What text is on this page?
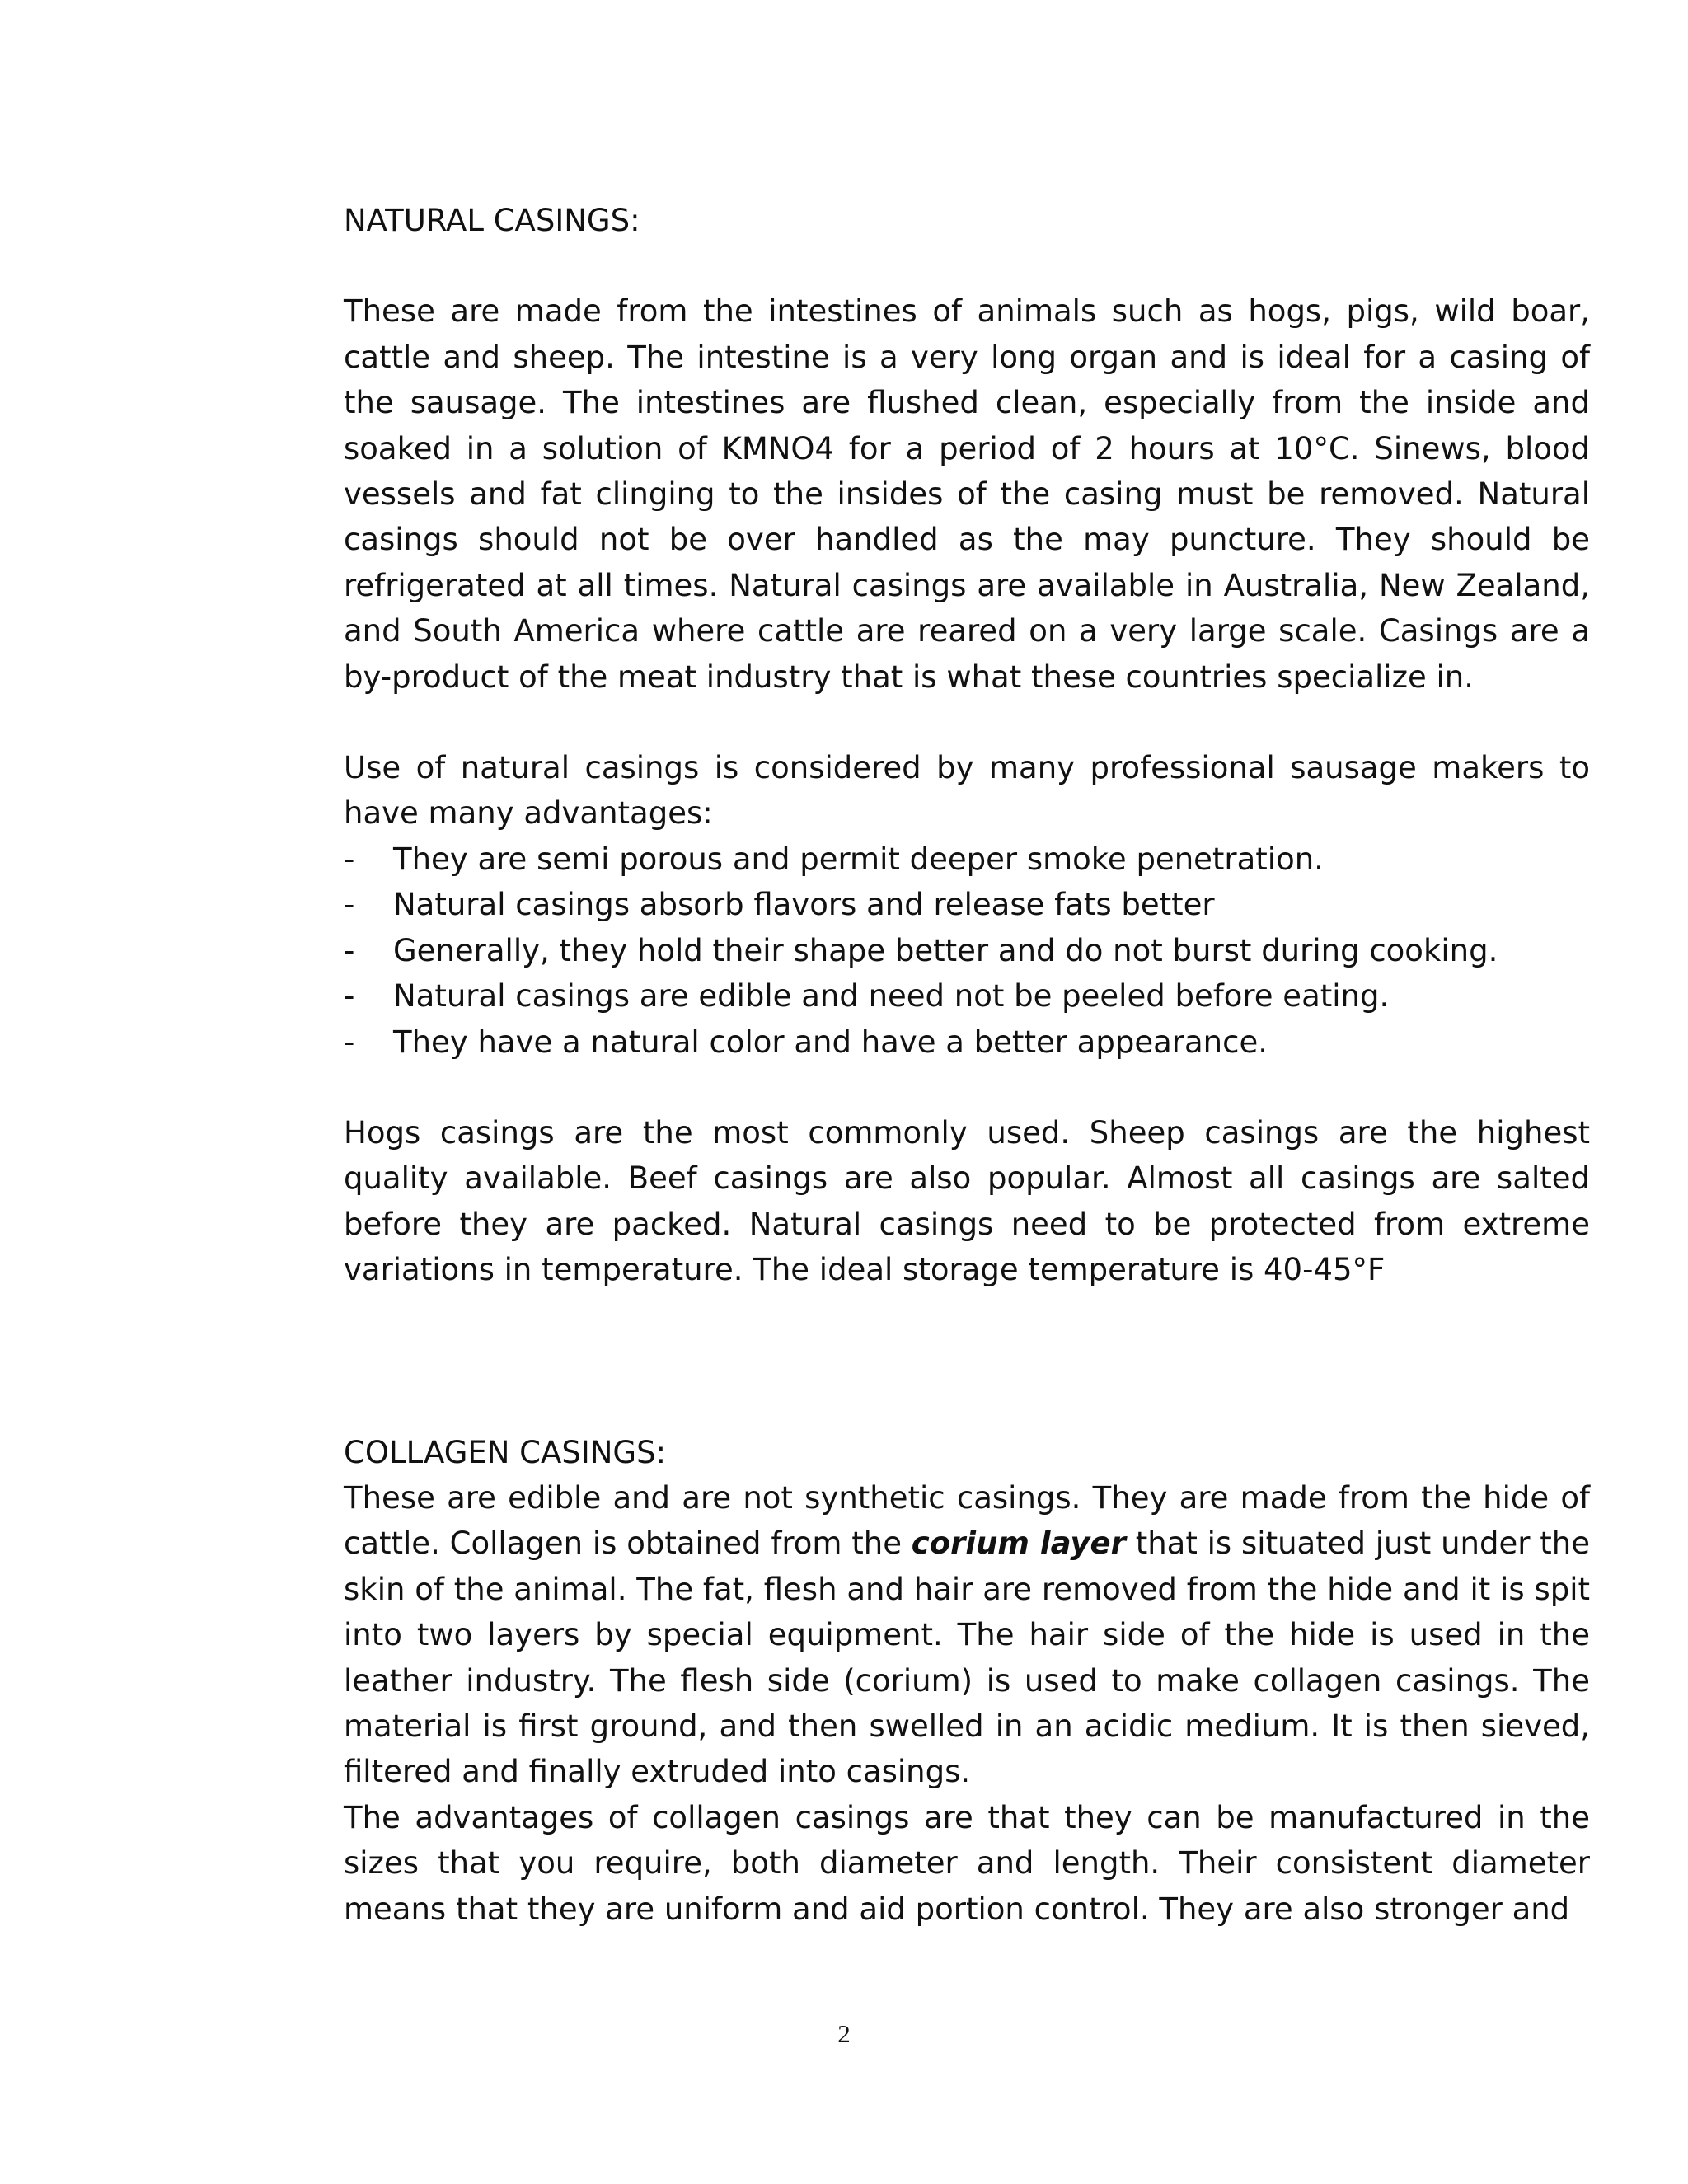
NATURAL CASINGS:

These are made from the intestines of animals such as hogs, pigs, wild boar, cattle and sheep. The intestine is a very long organ and is ideal for a casing of the sausage. The intestines are flushed clean, especially from the inside and soaked in a solution of KMNO4 for a period of 2 hours at 10°C. Sinews, blood vessels and fat clinging to the insides of the casing must be removed. Natural casings should not be over handled as the may puncture. They should be refrigerated at all times. Natural casings are available in Australia, New Zealand, and South America where cattle are reared on a very large scale. Casings are a by-product of the meat industry that is what these countries specialize in.

Use of natural casings is considered by many professional sausage makers to have many advantages:

- They are semi porous and permit deeper smoke penetration.
- Natural casings absorb flavors and release fats better
- Generally, they hold their shape better and do not burst during cooking.
- Natural casings are edible and need not be peeled before eating.
- They have a natural color and have a better appearance.

Hogs casings are the most commonly used. Sheep casings are the highest quality available. Beef casings are also popular. Almost all casings are salted before they are packed. Natural casings need to be protected from extreme variations in temperature. The ideal storage temperature is 40-45°F

COLLAGEN CASINGS:

These are edible and are not synthetic casings. They are made from the hide of cattle. Collagen is obtained from the corium layer that is situated just under the skin of the animal. The fat, flesh and hair are removed from the hide and it is spit into two layers by special equipment. The hair side of the hide is used in the leather industry. The flesh side (corium) is used to make collagen casings. The material is first ground, and then swelled in an acidic medium. It is then sieved, filtered and finally extruded into casings.

The advantages of collagen casings are that they can be manufactured in the sizes that you require, both diameter and length. Their consistent diameter means that they are uniform and aid portion control. They are also stronger and

2
